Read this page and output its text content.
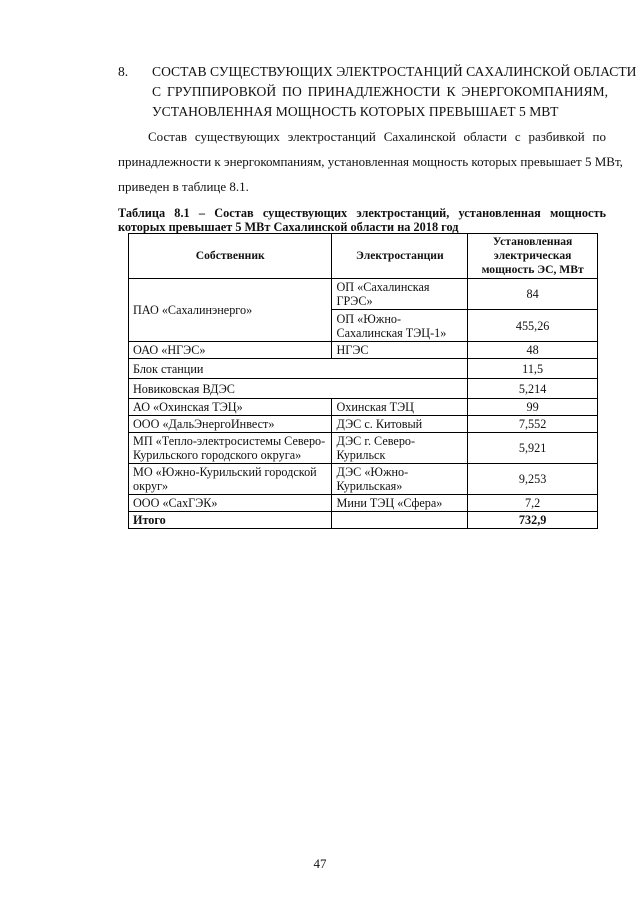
8.	СОСТАВ СУЩЕСТВУЮЩИХ ЭЛЕКТРОСТАНЦИЙ САХАЛИНСКОЙ ОБЛАСТИ
С ГРУППИРОВКОЙ ПО ПРИНАДЛЕЖНОСТИ К ЭНЕРГОКОМПАНИЯМ,
УСТАНОВЛЕННАЯ МОЩНОСТЬ КОТОРЫХ ПРЕВЫШАЕТ 5 МВТ
Состав существующих электростанций Сахалинской области с разбивкой по
принадлежности к энергокомпаниям, установленная мощность которых превышает 5 МВт,
приведен в таблице 8.1.
Таблица 8.1 – Состав существующих электростанций, установленная мощность
которых превышает 5 МВт Сахалинской области на 2018 год
Собственник	Электростанции	Установленная электрическая мощность ЭС, МВт
ПАО «Сахалинэнерго»	ОП «Сахалинская ГРЭС»	84
	ОП «Южно-Сахалинская ТЭЦ-1»	455,26
ОАО «НГЭС»	НГЭС	48
Блок станции		11,5
Новиковская ВДЭС		5,214
АО «Охинская ТЭЦ»	Охинская ТЭЦ	99
ООО «ДальЭнергоИнвест»	ДЭС с. Китовый	7,552
МП «Тепло-электросистемы Северо-Курильского городского округа»	ДЭС г. Северо-Курильск	5,921
МО «Южно-Курильский городской округ»	ДЭС «Южно-Курильская»	9,253
ООО «СахГЭК»	Мини ТЭЦ «Сфера»	7,2
Итого		732,9
47
